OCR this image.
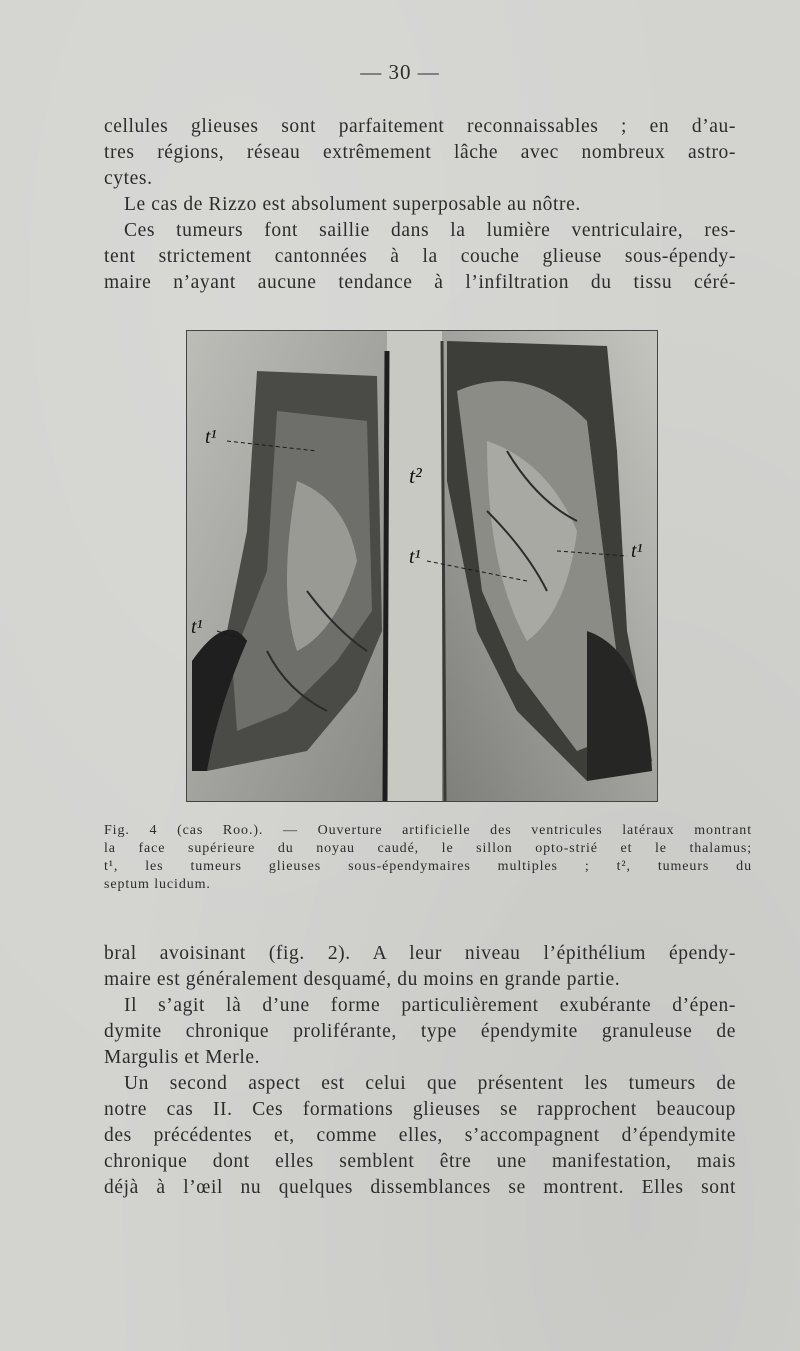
— 30 —
cellules glieuses sont parfaitement reconnaissables ; en d’au-
tres régions, réseau extrêmement lâche avec nombreux astro-
cytes.
Le cas de Rizzo est absolument superposable au nôtre.
Ces tumeurs font saillie dans la lumière ventriculaire, res-
tent strictement cantonnées à la couche glieuse sous-épendy-
maire n’ayant aucune tendance à l’infiltration du tissu céré-
t¹
t²
t¹
t¹
t¹
Fig. 4 (cas Roo.). — Ouverture artificielle des ventricules latéraux montrant
la face supérieure du noyau caudé, le sillon opto-strié et le thalamus;
t¹, les tumeurs glieuses sous-épendymaires multiples ; t², tumeurs du
septum lucidum.
bral avoisinant (fig. 2). A leur niveau l’épithélium épendy-
maire est généralement desquamé, du moins en grande partie.
Il s’agit là d’une forme particulièrement exubérante d’épen-
dymite chronique proliférante, type épendymite granuleuse de
Margulis et Merle.
Un second aspect est celui que présentent les tumeurs de
notre cas II. Ces formations glieuses se rapprochent beaucoup
des précédentes et, comme elles, s’accompagnent d’épendymite
chronique dont elles semblent être une manifestation, mais
déjà à l’œil nu quelques dissemblances se montrent. Elles sont
